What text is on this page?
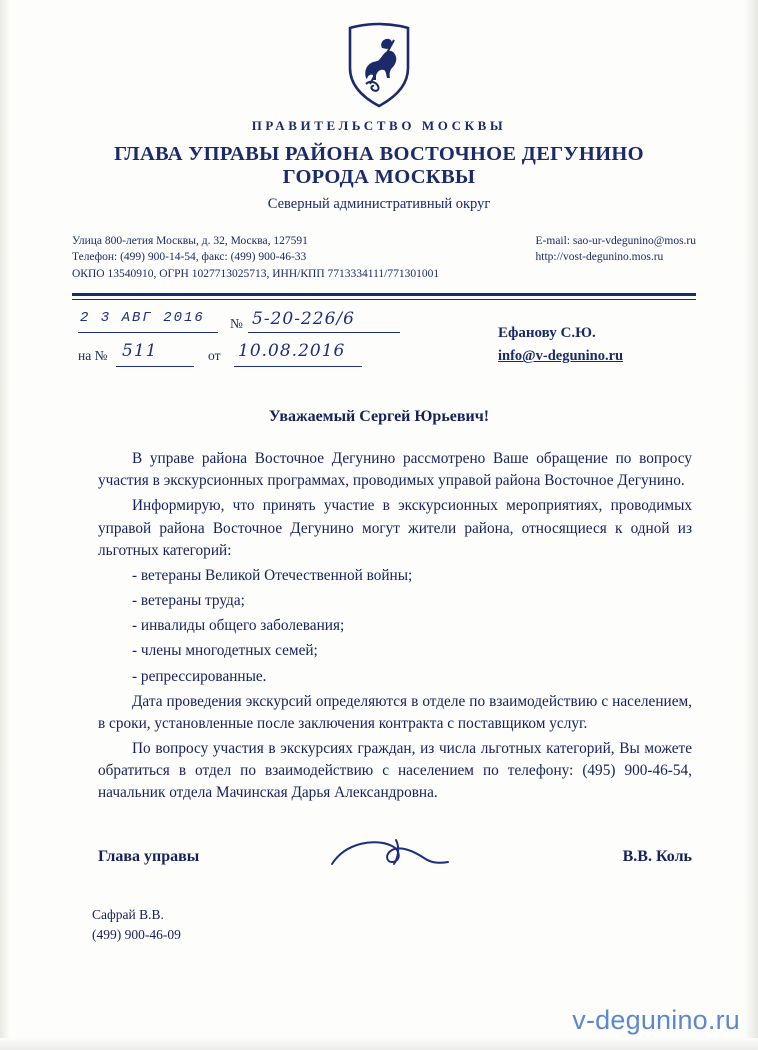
ПРАВИТЕЛЬСТВО МОСКВЫ
ГЛАВА УПРАВЫ РАЙОНА ВОСТОЧНОЕ ДЕГУНИНО
ГОРОДА МОСКВЫ
Северный административный округ
E-mail: sao-ur-vdegunino@mos.ru
http://vost-degunino.mos.ru
Улица 800-летия Москвы, д. 32, Москва, 127591
Телефон: (499) 900-14-54, факс: (499) 900-46-33
ОКПО 13540910, ОГРН 1027713025713, ИНН/КПП 7713334111/771301001
2 3 АВГ 2016 № 5-20-226/6
на № 511	от 10.08.2016
Ефанову С.Ю.
info@v-degunino.ru
Уважаемый Сергей Юрьевич!

В управе района Восточное Дегунино рассмотрено Ваше обращение по вопросу участия в экскурсионных программах, проводимых управой района Восточное Дегунино.

Информирую, что принять участие в экскурсионных мероприятиях, проводимых управой района Восточное Дегунино могут жители района, относящиеся к одной из льготных категорий:

- ветераны Великой Отечественной войны;

- ветераны труда;

- инвалиды общего заболевания;

- члены многодетных семей;

- репрессированные.

Дата проведения экскурсий определяются в отделе по взаимодействию с населением, в сроки, установленные после заключения контракта с поставщиком услуг.

По вопросу участия в экскурсиях граждан, из числа льготных категорий, Вы можете обратиться в отдел по взаимодействию с населением по телефону: (495) 900-46-54, начальник отдела Мачинская Дарья Александровна.

Глава управы	В.В. Коль
Сафрай В.В.
(499) 900-46-09
v-degunino.ru
